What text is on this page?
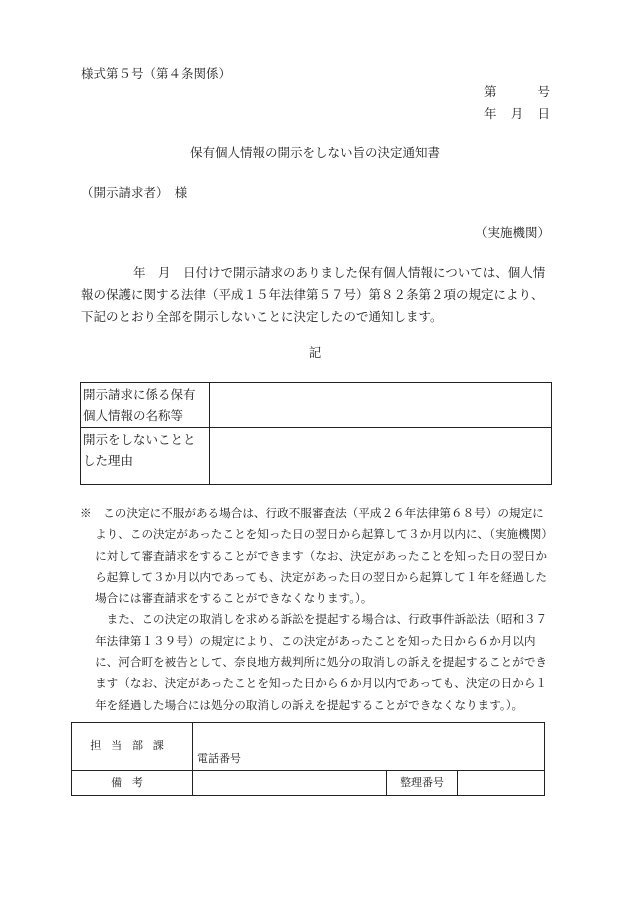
様式第５号（第４条関係）
第	号
年 月 日
保有個人情報の開示をしない旨の決定通知書
（開示請求者）　様
（実施機関）

年　月　日付けで開示請求のありました保有個人情報については、個人情報の保護に関する法律（平成１５年法律第５７号）第８２条第２項の規定により、下記のとおり全部を開示しないことに決定したので通知します。

記
開示請求に係る保有個人情報の名称等	
開示をしないこととした理由	

※　この決定に不服がある場合は、行政不服審査法（平成２６年法律第６８号）の規定により、この決定があったことを知った日の翌日から起算して３か月以内に、（実施機関）に対して審査請求をすることができます（なお、決定があったことを知った日の翌日から起算して３か月以内であっても、決定があった日の翌日から起算して１年を経過した場合には審査請求をすることができなくなります。）。

また、この決定の取消しを求める訴訟を提起する場合は、行政事件訴訟法（昭和３７年法律第１３９号）の規定により、この決定があったことを知った日から６か月以内に、河合町を被告として、奈良地方裁判所に処分の取消しの訴えを提起することができます（なお、決定があったことを知った日から６か月以内であっても、決定の日から１年を経過した場合には処分の取消しの訴えを提起することができなくなります。）。

担当部課	電話番号		
備考		整理番号	
